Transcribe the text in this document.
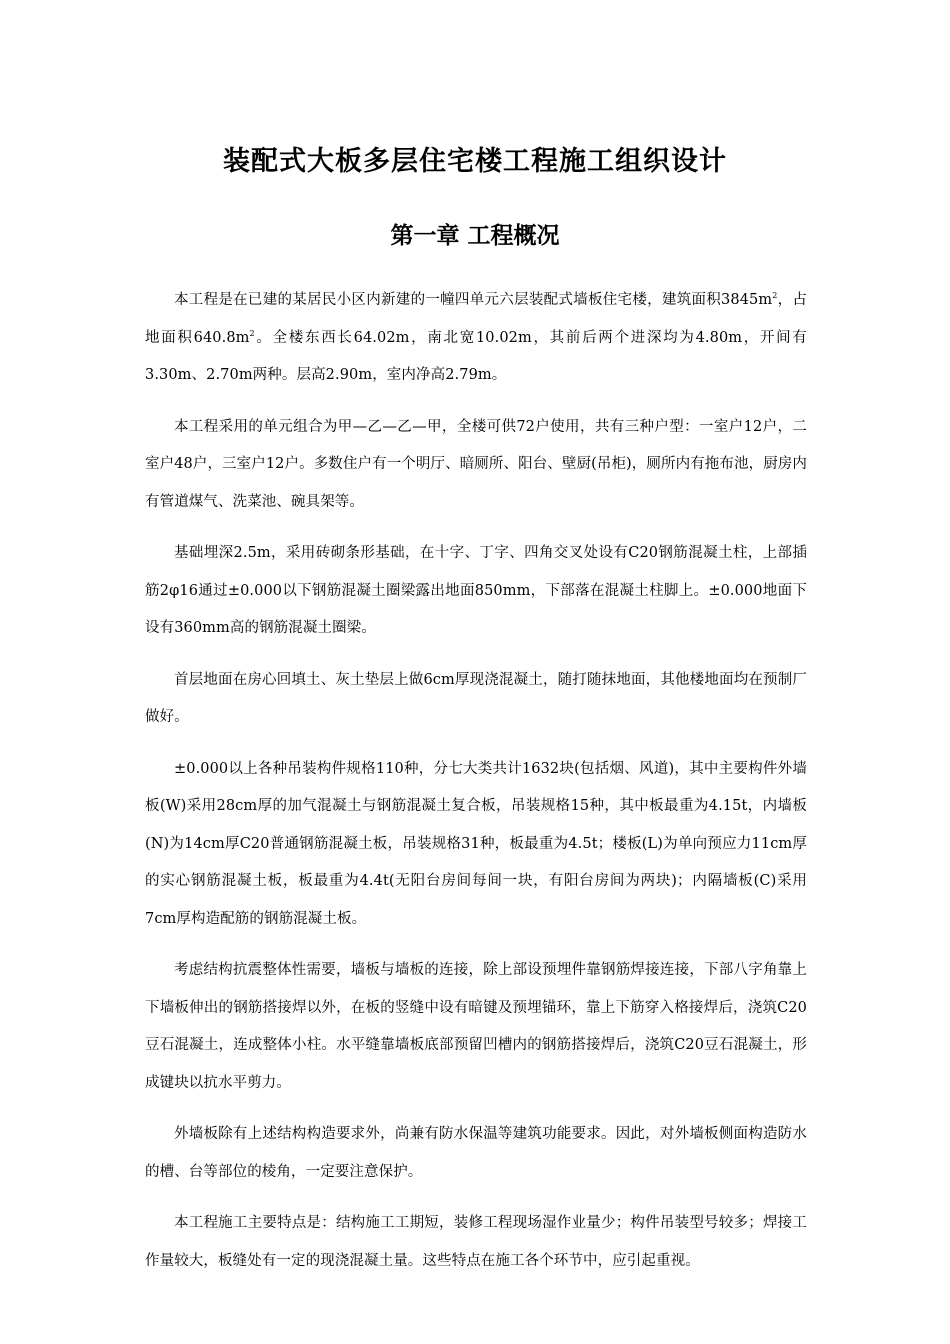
装配式大板多层住宅楼工程施工组织设计
第一章 工程概况

本工程是在已建的某居民小区内新建的一幢四单元六层装配式墙板住宅楼，建筑面积$3845m^2$，占地面积$640.8m^2$。全楼东西长64.02m，南北宽10.02m，其前后两个进深均为4.80m，开间有3.30m、2.70m两种。层高2.90m，室内净高2.79m。

本工程采用的单元组合为甲—乙—乙—甲，全楼可供72户使用，共有三种户型：一室户12户，二室户48户，三室户12户。多数住户有一个明厅、暗厕所、阳台、壁厨(吊柜)，厕所内有拖布池，厨房内有管道煤气、洗菜池、碗具架等。

基础埋深2.5m，采用砖砌条形基础，在十字、丁字、四角交叉处设有C20钢筋混凝土柱，上部插筋2φ16通过±0.000以下钢筋混凝土圈梁露出地面850mm，下部落在混凝土柱脚上。±0.000地面下设有360mm高的钢筋混凝土圈梁。

首层地面在房心回填土、灰土垫层上做6cm厚现浇混凝土，随打随抹地面，其他楼地面均在预制厂做好。

±0.000以上各种吊装构件规格110种，分七大类共计1632块(包括烟、风道)，其中主要构件外墙板(W)采用28cm厚的加气混凝土与钢筋混凝土复合板，吊装规格15种，其中板最重为4.15t，内墙板(N)为14cm厚C20普通钢筋混凝土板，吊装规格31种，板最重为4.5t；楼板(L)为单向预应力11cm厚的实心钢筋混凝土板，板最重为4.4t(无阳台房间每间一块，有阳台房间为两块)；内隔墙板(C)采用7cm厚构造配筋的钢筋混凝土板。

考虑结构抗震整体性需要，墙板与墙板的连接，除上部设预埋件靠钢筋焊接连接，下部八字角靠上下墙板伸出的钢筋搭接焊以外，在板的竖缝中设有暗键及预埋锚环，靠上下筋穿入格接焊后，浇筑C20豆石混凝土，连成整体小柱。水平缝靠墙板底部预留凹槽内的钢筋搭接焊后，浇筑C20豆石混凝土，形成键块以抗水平剪力。

外墙板除有上述结构构造要求外，尚兼有防水保温等建筑功能要求。因此，对外墙板侧面构造防水的槽、台等部位的棱角，一定要注意保护。

本工程施工主要特点是：结构施工工期短，装修工程现场湿作业量少；构件吊装型号较多；焊接工作量较大，板缝处有一定的现浇混凝土量。这些特点在施工各个环节中，应引起重视。
